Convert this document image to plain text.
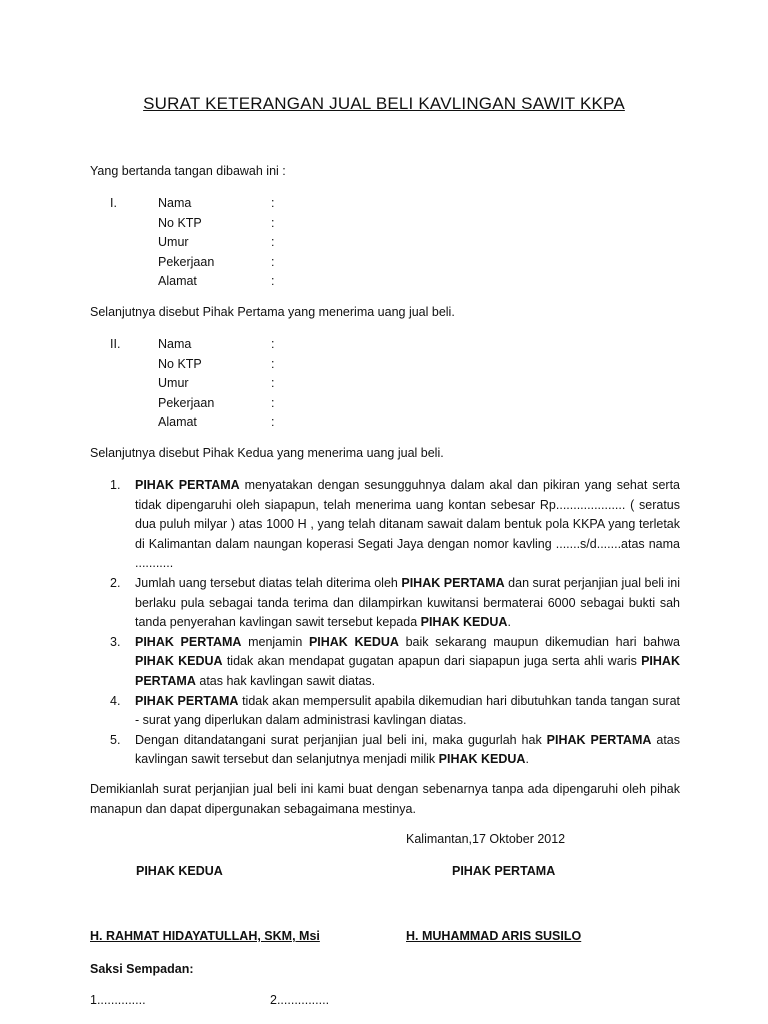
SURAT KETERANGAN JUAL BELI KAVLINGAN SAWIT KKPA
Yang bertanda tangan dibawah ini :
I.	Nama	:
No KTP	:
Umur	:
Pekerjaan	:
Alamat	:
Selanjutnya disebut Pihak Pertama yang menerima uang jual beli.
II.	Nama	:
No KTP	:
Umur	:
Pekerjaan	:
Alamat	:
Selanjutnya disebut Pihak Kedua yang menerima uang jual beli.
1. PIHAK PERTAMA menyatakan dengan sesungguhnya dalam akal dan pikiran yang sehat serta tidak dipengaruhi oleh siapapun, telah menerima uang kontan sebesar Rp.................... ( seratus dua puluh milyar ) atas 1000 H , yang telah ditanam sawait dalam bentuk pola KKPA yang terletak di Kalimantan dalam naungan koperasi Segati Jaya dengan nomor kavling .......s/d.......atas nama ...........
2. Jumlah uang tersebut diatas telah diterima oleh PIHAK PERTAMA dan surat perjanjian jual beli ini berlaku pula sebagai tanda terima dan dilampirkan kuwitansi bermaterai 6000 sebagai bukti sah tanda penyerahan kavlingan sawit tersebut kepada PIHAK KEDUA.
3. PIHAK PERTAMA menjamin PIHAK KEDUA baik sekarang maupun dikemudian hari bahwa PIHAK KEDUA tidak akan mendapat gugatan apapun dari siapapun juga serta ahli waris PIHAK PERTAMA atas hak kavlingan sawit diatas.
4. PIHAK PERTAMA tidak akan mempersulit apabila dikemudian hari dibutuhkan tanda tangan surat - surat yang diperlukan dalam administrasi kavlingan diatas.
5. Dengan ditandatangani surat perjanjian jual beli ini, maka gugurlah hak PIHAK PERTAMA atas kavlingan sawit tersebut dan selanjutnya menjadi milik PIHAK KEDUA.
Demikianlah surat perjanjian jual beli ini kami buat dengan sebenarnya tanpa ada dipengaruhi oleh pihak manapun dan dapat dipergunakan sebagaimana mestinya.
Kalimantan,17 Oktober 2012
PIHAK KEDUA	PIHAK PERTAMA
H. RAHMAT HIDAYATULLAH, SKM, Msi	H. MUHAMMAD ARIS SUSILO
Saksi Sempadan:
1..............	2...............
